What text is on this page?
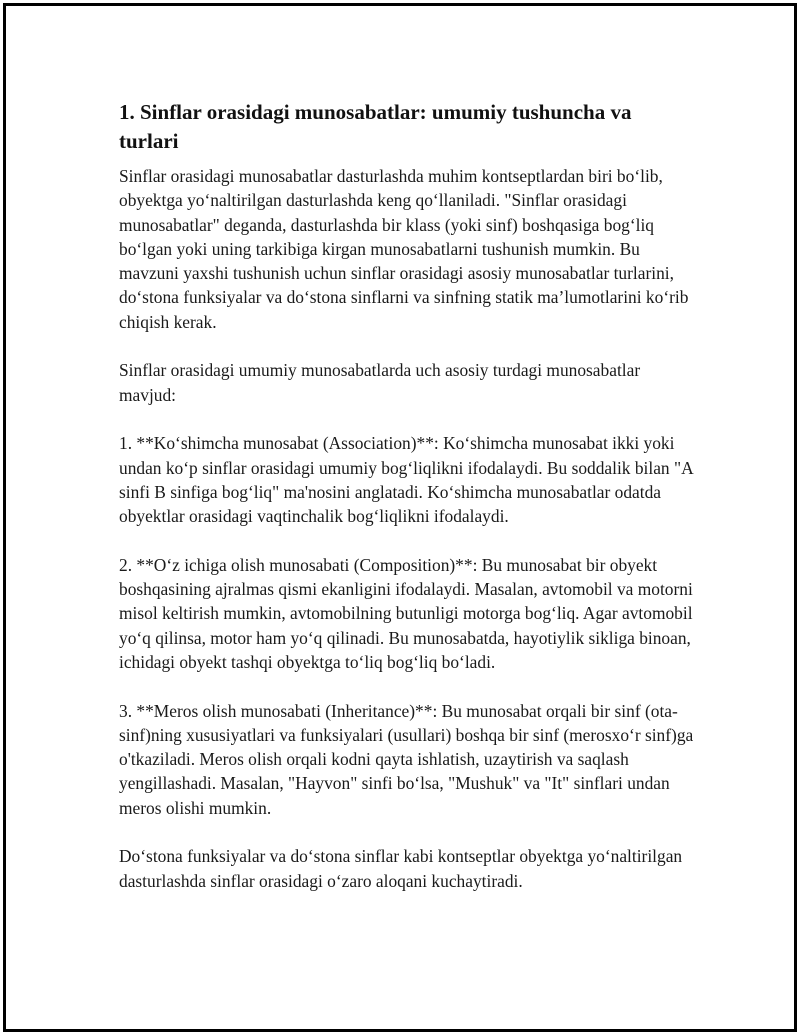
1. Sinflar orasidagi munosabatlar: umumiy tushuncha va turlari

Sinflar orasidagi munosabatlar dasturlashda muhim kontseptlardan biri bo‘lib, obyektga yo‘naltirilgan dasturlashda keng qo‘llaniladi. "Sinflar orasidagi munosabatlar" deganda, dasturlashda bir klass (yoki sinf) boshqasiga bog‘liq bo‘lgan yoki uning tarkibiga kirgan munosabatlarni tushunish mumkin. Bu mavzuni yaxshi tushunish uchun sinflar orasidagi asosiy munosabatlar turlarini, do‘stona funksiyalar va do‘stona sinflarni va sinfning statik ma’lumotlarini ko‘rib chiqish kerak.

Sinflar orasidagi umumiy munosabatlarda uch asosiy turdagi munosabatlar mavjud:

1. **Ko‘shimcha munosabat (Association)**: Ko‘shimcha munosabat ikki yoki undan ko‘p sinflar orasidagi umumiy bog‘liqlikni ifodalaydi. Bu soddalik bilan "A sinfi B sinfiga bog‘liq" ma'nosini anglatadi. Ko‘shimcha munosabatlar odatda obyektlar orasidagi vaqtinchalik bog‘liqlikni ifodalaydi.

2. **O‘z ichiga olish munosabati (Composition)**: Bu munosabat bir obyekt boshqasining ajralmas qismi ekanligini ifodalaydi. Masalan, avtomobil va motorni misol keltirish mumkin, avtomobilning butunligi motorga bog‘liq. Agar avtomobil yo‘q qilinsa, motor ham yo‘q qilinadi. Bu munosabatda, hayotiylik sikliga binoan, ichidagi obyekt tashqi obyektga to‘liq bog‘liq bo‘ladi.

3. **Meros olish munosabati (Inheritance)**: Bu munosabat orqali bir sinf (ota-sinf)ning xususiyatlari va funksiyalari (usullari) boshqa bir sinf (merosxo‘r sinf)ga o'tkaziladi. Meros olish orqali kodni qayta ishlatish, uzaytirish va saqlash yengillashadi. Masalan, "Hayvon" sinfi bo‘lsa, "Mushuk" va "It" sinflari undan meros olishi mumkin.

Do‘stona funksiyalar va do‘stona sinflar kabi kontseptlar obyektga yo‘naltirilgan dasturlashda sinflar orasidagi o‘zaro aloqani kuchaytiradi.
